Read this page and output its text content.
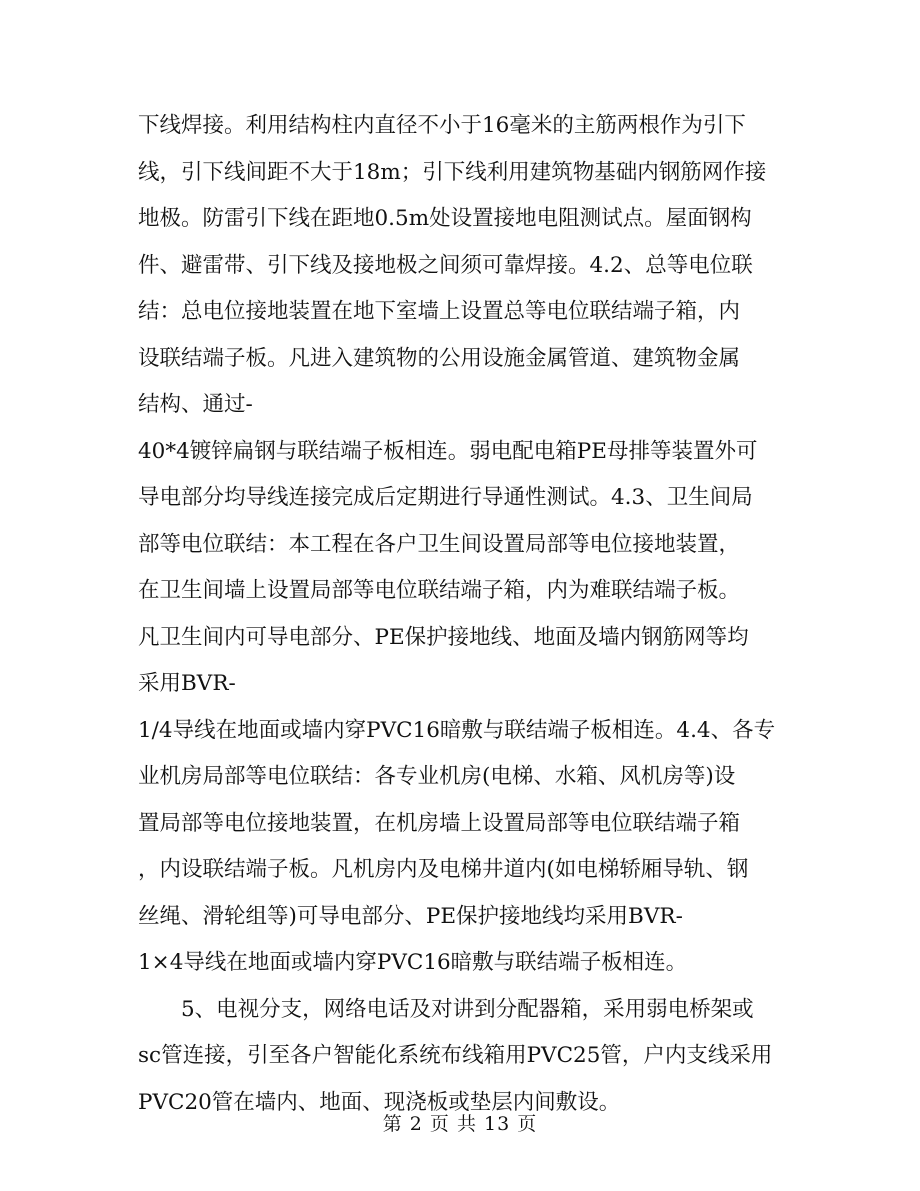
下线焊接。利用结构柱内直径不小于16毫米的主筋两根作为引下
线，引下线间距不大于18m；引下线利用建筑物基础内钢筋网作接
地极。防雷引下线在距地0.5m处设置接地电阻测试点。屋面钢构
件、避雷带、引下线及接地极之间须可靠焊接。4.2、总等电位联
结：总电位接地装置在地下室墙上设置总等电位联结端子箱，内
设联结端子板。凡进入建筑物的公用设施金属管道、建筑物金属
结构、通过-
40*4镀锌扁钢与联结端子板相连。弱电配电箱PE母排等装置外可
导电部分均导线连接完成后定期进行导通性测试。4.3、卫生间局
部等电位联结：本工程在各户卫生间设置局部等电位接地装置，
在卫生间墙上设置局部等电位联结端子箱，内为难联结端子板。
凡卫生间内可导电部分、PE保护接地线、地面及墙内钢筋网等均
采用BVR-
1/4导线在地面或墙内穿PVC16暗敷与联结端子板相连。4.4、各专
业机房局部等电位联结：各专业机房(电梯、水箱、风机房等)设
置局部等电位接地装置，在机房墙上设置局部等电位联结端子箱
，内设联结端子板。凡机房内及电梯井道内(如电梯轿厢导轨、钢
丝绳、滑轮组等)可导电部分、PE保护接地线均采用BVR-
1×4导线在地面或墙内穿PVC16暗敷与联结端子板相连。
5、电视分支，网络电话及对讲到分配器箱，采用弱电桥架或
sc管连接，引至各户智能化系统布线箱用PVC25管，户内支线采用
PVC20管在墙内、地面、现浇板或垫层内间敷设。
第 2 页 共 13 页
